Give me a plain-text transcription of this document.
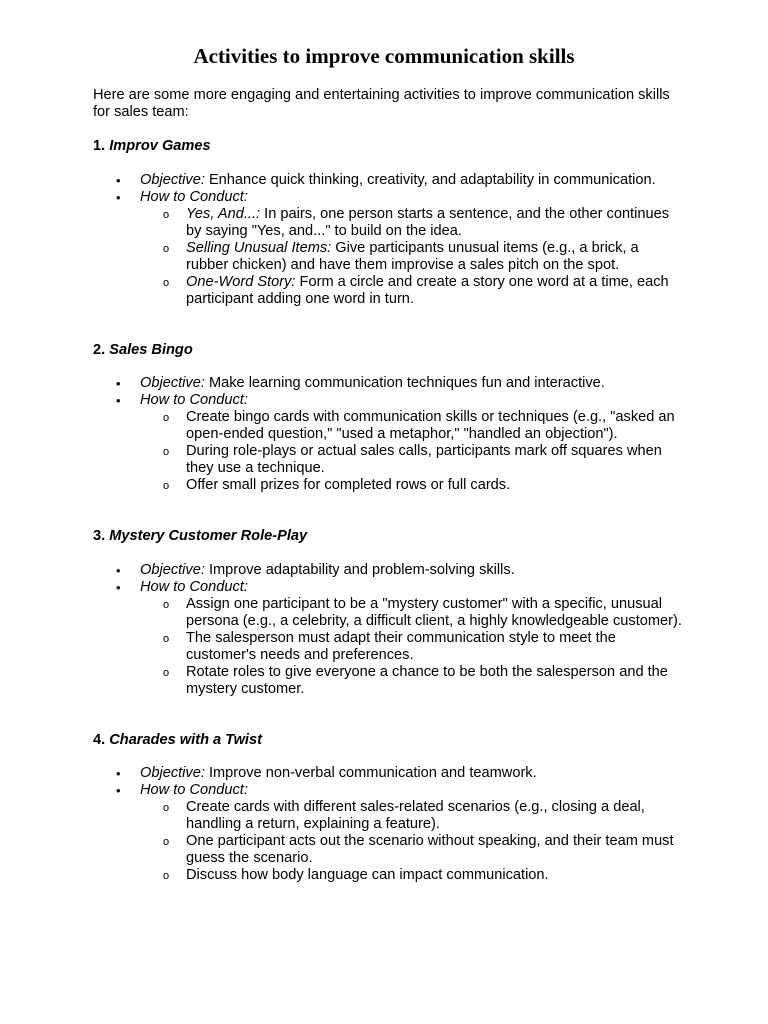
Activities to improve communication skills

Here are some more engaging and entertaining activities to improve communication skills for sales team:

1. Improv Games

• Objective: Enhance quick thinking, creativity, and adaptability in communication.
• How to Conduct:
o Yes, And...: In pairs, one person starts a sentence, and the other continues by saying "Yes, and..." to build on the idea.
o Selling Unusual Items: Give participants unusual items (e.g., a brick, a rubber chicken) and have them improvise a sales pitch on the spot.
o One-Word Story: Form a circle and create a story one word at a time, each participant adding one word in turn.

2. Sales Bingo

• Objective: Make learning communication techniques fun and interactive.
• How to Conduct:
o Create bingo cards with communication skills or techniques (e.g., "asked an open-ended question," "used a metaphor," "handled an objection").
o During role-plays or actual sales calls, participants mark off squares when they use a technique.
o Offer small prizes for completed rows or full cards.

3. Mystery Customer Role-Play

• Objective: Improve adaptability and problem-solving skills.
• How to Conduct:
o Assign one participant to be a "mystery customer" with a specific, unusual persona (e.g., a celebrity, a difficult client, a highly knowledgeable customer).
o The salesperson must adapt their communication style to meet the customer's needs and preferences.
o Rotate roles to give everyone a chance to be both the salesperson and the mystery customer.

4. Charades with a Twist

• Objective: Improve non-verbal communication and teamwork.
• How to Conduct:
o Create cards with different sales-related scenarios (e.g., closing a deal, handling a return, explaining a feature).
o One participant acts out the scenario without speaking, and their team must guess the scenario.
o Discuss how body language can impact communication.
